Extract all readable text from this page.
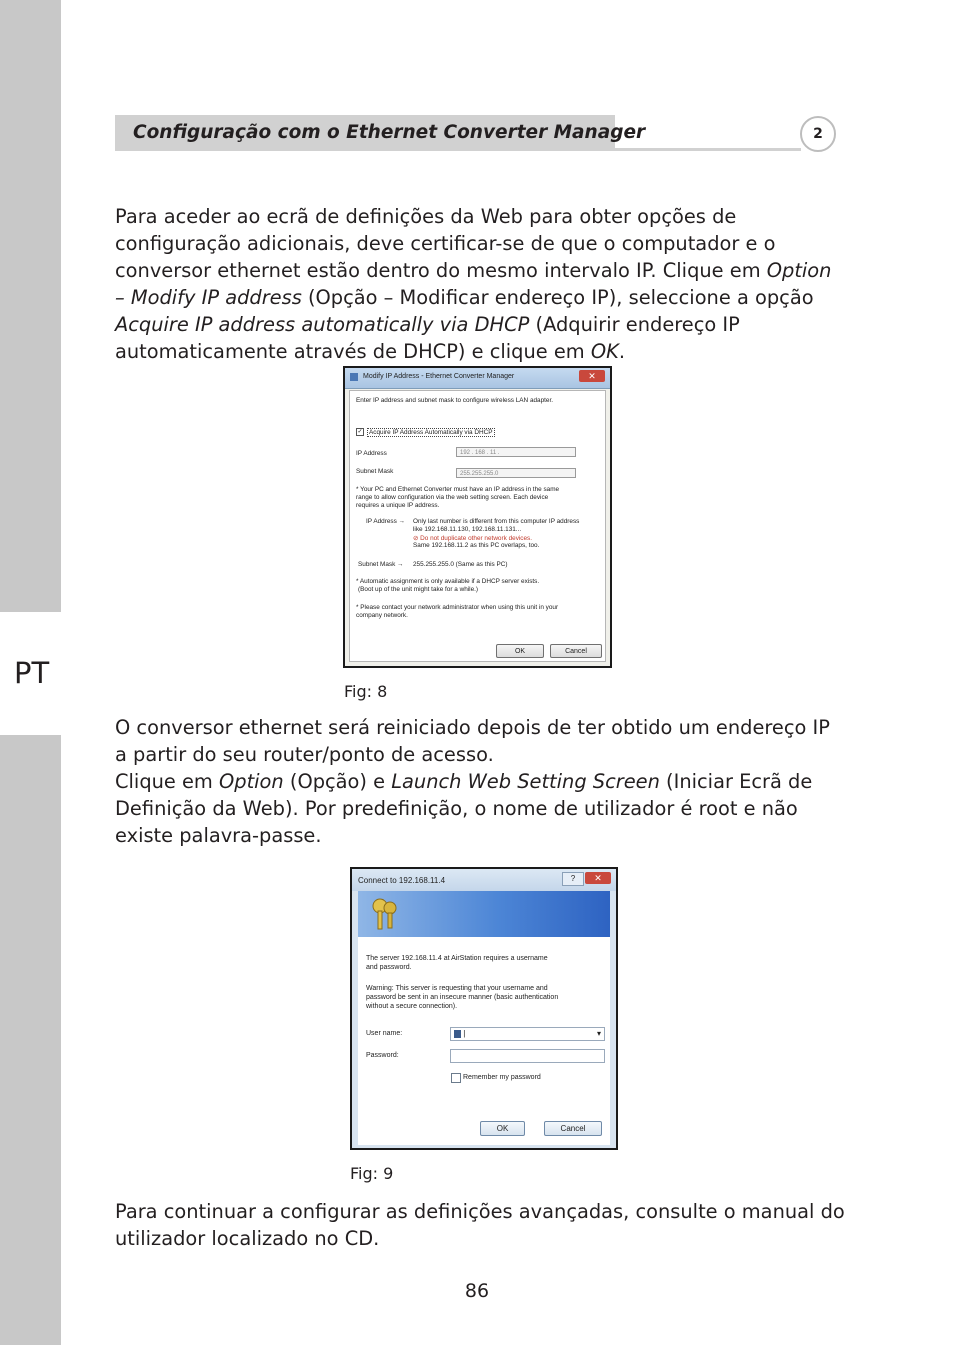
PT
Configuração com o Ethernet Converter Manager	2

Para aceder ao ecrã de definições da Web para obter opções de configuração adicionais, deve certificar-se de que o computador e o conversor ethernet estão dentro do mesmo intervalo IP. Clique em Option – Modify IP address (Opção – Modificar endereço IP), seleccione a opção Acquire IP address automatically via DHCP (Adquirir endereço IP automaticamente através de DHCP) e clique em OK.

Modify IP Address - Ethernet Converter Manager	✕
Enter IP address and subnet mask to configure wireless LAN adapter.
✓	Acquire IP Address Automatically via DHCP
IP Address	192 . 168 . 11 .
Subnet Mask	255.255.255.0
* Your PC and Ethernet Converter must have an IP address in the same
range to allow configuration via the web setting screen. Each device
requires a unique IP address.
IP Address → Only last number is different from this computer IP address
like 192.168.11.130, 192.168.11.131...
⊘ Do not duplicate other network devices.
Same 192.168.11.2 as this PC overlaps, too.
Subnet Mask → 255.255.255.0 (Same as this PC)
* Automatic assignment is only available if a DHCP server exists.
(Boot up of the unit might take for a while.)
* Please contact your network administrator when using this unit in your
company network.
OK	Cancel
Fig: 8

O conversor ethernet será reiniciado depois de ter obtido um endereço IP a partir do seu router/ponto de acesso.
Clique em Option (Opção) e Launch Web Setting Screen (Iniciar Ecrã de Definição da Web). Por predefinição, o nome de utilizador é root e não existe palavra-passe.

Connect to 192.168.11.4	?	✕
The server 192.168.11.4 at AirStation requires a username
and password.
Warning: This server is requesting that your username and
password be sent in an insecure manner (basic authentication
without a secure connection).
User name:	|	▾
Password:
Remember my password
OK	Cancel
Fig: 9

Para continuar a configurar as definições avançadas, consulte o manual do utilizador localizado no CD.

86
